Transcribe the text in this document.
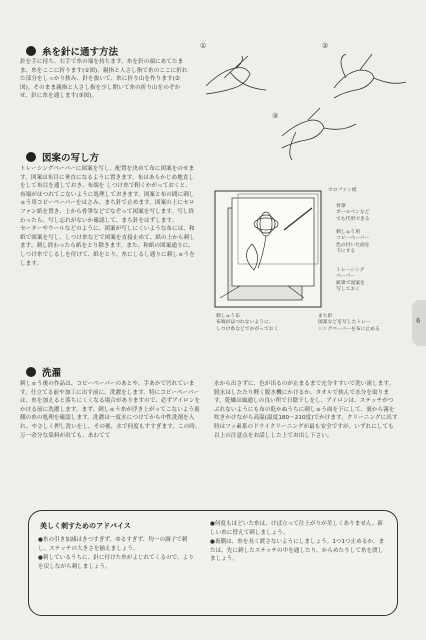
糸を針に通す方法

針を手に持ち、右手で糸の端を持ちます。糸を針の頭にあてたまま、糸をここに折ります(①図)。親指と人さし指で糸のここに折れた部分をしっかり挟み、針を抜いて、糸に折り山を作ります(②図)。そのまま親指と人さし指を少し開いて糸の折り山をのぞかせ、針に糸を通します(③図)。

①	②
③
図案の写し方

トレーシングペーパーに図案を写し、配置を決めて布に図案をのせます。図案は布目に垂直になるように置きます。布はあらかじめ地直しをして布目を通しておき、布端を しつけ糸で粗くかがっておくと、布端がほつれてこないように処理しておきます。図案と布の間に刺しゅう用コピーペーパーをはさみ、まち針で止めます。図案の上にセロファン紙を置き、上から骨筆などでなぞって図案を写します。写し終わったら、写し忘れがないか確認して、まち針をはずします。

セーターやウールなどのように、図案が写しにくいような布には、和紙で図案を写し、しつけ糸などで図案を直接止めて、紙の上から刺します。刺し終わったら紙をとり除きます。また、和紙の図案通りに、しつけ糸でしるしを付けて、紙をとり、糸にしるし通りに刺しゅうをします。

セロファン紙
骨筆
ボールペンなど
でも代用できる
刺しゅう用
コピーペーパー
色の付いた面を
下にする
トレーシング
ペーパー
鉛筆で図案を
写しておく
刺しゅう布
布端がほつれないように、
しつけ糸などでかがっておく
まち針
図案などを写したトレー
シングペーパーを布に止める
洗濯
刺しゅう後の作品は、コピーペーパーのあとや、手あかで汚れています。仕立てる前や加工に出す前に、洗濯をします。特にコピーペーパーは、糸を加えると落ちにくくなる場合がありますので、必ずアイロンをかける前に洗濯します。まず、刺しゅう糸が浮き上がってこないよう裏側の糸の処理を確認します。洗濯は一度水につけてから中性洗剤を入れ、やさしく押し洗いをし、その後、水で何度もすすぎます。この時、万一余分な染料が出ても、あわてて
水から出さずに、色が出るのが止まるまで充分すすいで洗い流します。脱水はしたたり軽く脱水機にかけるか、タオルで挟んで水分を取ります。乾燥は風通しの良い所で日陰干しをし、アイロンは、ステッチがつぶれないようにも布の乾かぬうちに刺しゅう面を下にして、裏から霧を吹きかけながら高温(温度180〜210度)でかけます。クリーニングに出す時はフッ素系のドライクリーニングが最も安全ですが、いずれにしても以上の注意点をお話しした上でお出し下さい。
6
美しく刺すためのアドバイス

●糸の引き加減はきつすぎず、ゆるすぎず、均一の調子で刺し、ステッチの大きさを揃えましょう。

●刺しているうちに、針に付けた糸がよじれてくるので、よりを戻しながら刺しましょう。

●何度もほどいた糸は、けば立って仕上がりが美しくありません。新しい糸に替えて刺しましょう。

●裏側は、糸を長く渡さないようにしましょう。1つ1つ止めるか、または、先に刺したステッチの中を通したり、からめたりして糸を渡しましょう。
